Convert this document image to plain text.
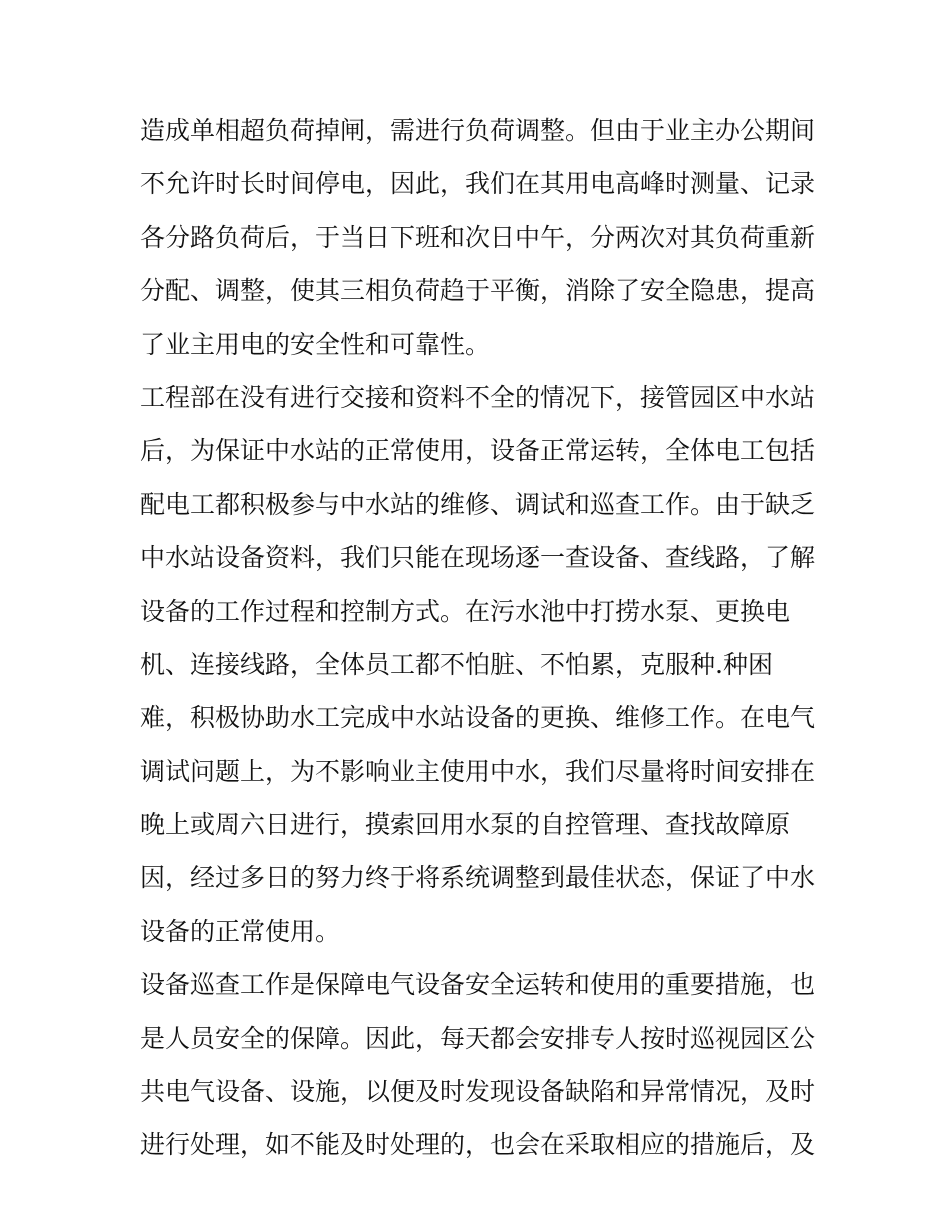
造成单相超负荷掉闸，需进行负荷调整。但由于业主办公期间
不允许时长时间停电，因此，我们在其用电高峰时测量、记录
各分路负荷后，于当日下班和次日中午，分两次对其负荷重新
分配、调整，使其三相负荷趋于平衡，消除了安全隐患，提高
了业主用电的安全性和可靠性。
工程部在没有进行交接和资料不全的情况下，接管园区中水站
后，为保证中水站的正常使用，设备正常运转，全体电工包括
配电工都积极参与中水站的维修、调试和巡查工作。由于缺乏
中水站设备资料，我们只能在现场逐一查设备、查线路，了解
设备的工作过程和控制方式。在污水池中打捞水泵、更换电
机、连接线路，全体员工都不怕脏、不怕累，克服种.种困
难，积极协助水工完成中水站设备的更换、维修工作。在电气
调试问题上，为不影响业主使用中水，我们尽量将时间安排在
晚上或周六日进行，摸索回用水泵的自控管理、查找故障原
因，经过多日的努力终于将系统调整到最佳状态，保证了中水
设备的正常使用。
设备巡查工作是保障电气设备安全运转和使用的重要措施，也
是人员安全的保障。因此，每天都会安排专人按时巡视园区公
共电气设备、设施，以便及时发现设备缺陷和异常情况，及时
进行处理，如不能及时处理的，也会在采取相应的措施后，及
